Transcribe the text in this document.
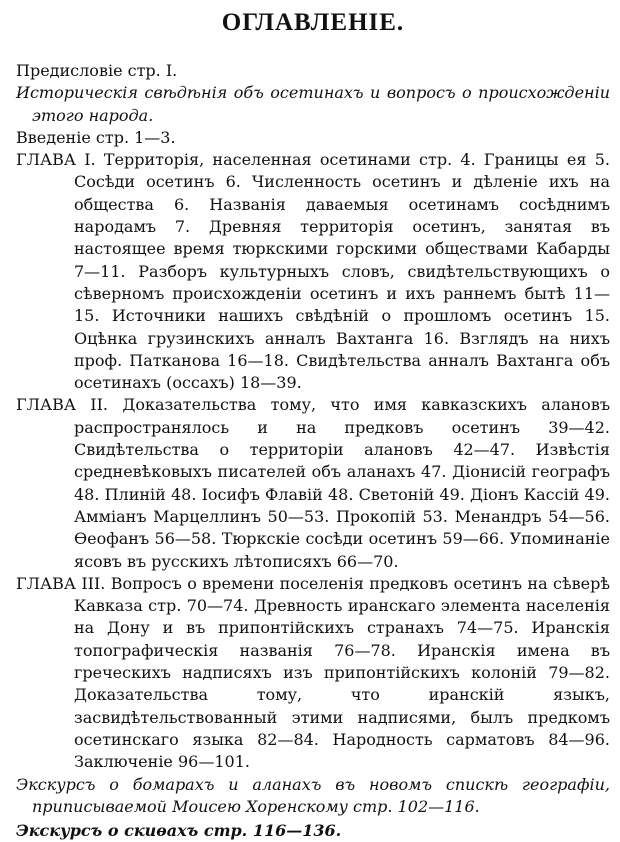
ОГЛАВЛЕНІЕ.

Предисловіе стр. I.

Историческія свѣдѣнія объ осетинахъ и вопросъ о происхожденіи этого народа.

Введеніе стр. 1—3.

ГЛАВА I. Территорія, населенная осетинами стр. 4. Границы ея 5. Сосѣди осетинъ 6. Численность осетинъ и дѣленіе ихъ на общества 6. Названія даваемыя осетинамъ сосѣднимъ народамъ 7. Древняя территорія осетинъ, занятая въ настоящее время тюркскими горскими обществами Кабарды 7—11. Разборъ культурныхъ словъ, свидѣтельствующихъ о сѣверномъ происхожденіи осетинъ и ихъ раннемъ бытѣ 11—15. Источники нашихъ свѣдѣній о прошломъ осетинъ 15. Оцѣнка грузинскихъ анналъ Вахтанга 16. Взглядъ на нихъ проф. Патканова 16—18. Свидѣтельства анналъ Вахтанга объ осетинахъ (оссахъ) 18—39.

ГЛАВА II. Доказательства тому, что имя кавказскихъ алановъ распространялось и на предковъ осетинъ 39—42. Свидѣтельства о территоріи алановъ 42—47. Извѣстія средневѣковыхъ писателей объ аланахъ 47. Діонисій географъ 48. Плиній 48. Іосифъ Флавій 48. Светоній 49. Діонъ Кассій 49. Амміанъ Марцеллинъ 50—53. Прокопій 53. Менандръ 54—56. Ѳеофанъ 56—58. Тюркскіе сосѣди осетинъ 59—66. Упоминаніе ясовъ въ русскихъ лѣтописяхъ 66—70.

ГЛАВА III. Вопросъ о времени поселенія предковъ осетинъ на сѣверѣ Кавказа стр. 70—74. Древность иранскаго элемента населенія на Дону и въ припонтійскихъ странахъ 74—75. Иранскія топографическія названія 76—78. Иранскія имена въ греческихъ надписяхъ изъ припонтійскихъ колоній 79—82. Доказательства тому, что иранскій языкъ, засвидѣтельствованный этими надписями, былъ предкомъ осетинскаго языка 82—84. Народность сарматовъ 84—96. Заключеніе 96—101.

Экскурсъ о бомарахъ и аланахъ въ новомъ спискѣ географіи, приписываемой Моисею Хоренскому стр. 102—116.

Экскурсъ о скиѳахъ стр. 116—136.
